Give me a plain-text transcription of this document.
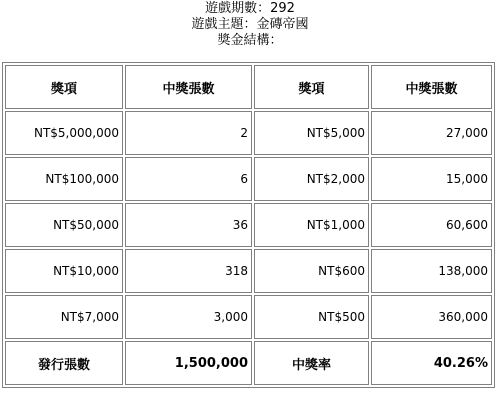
遊戲期數：292
遊戲主題：金磚帝國
獎金結構：
獎項	中獎張數	獎項	中獎張數
NT$5,000,000	2	NT$5,000	27,000
NT$100,000	6	NT$2,000	15,000
NT$50,000	36	NT$1,000	60,600
NT$10,000	318	NT$600	138,000
NT$7,000	3,000	NT$500	360,000
發行張數	1,500,000	中獎率	40.26%
